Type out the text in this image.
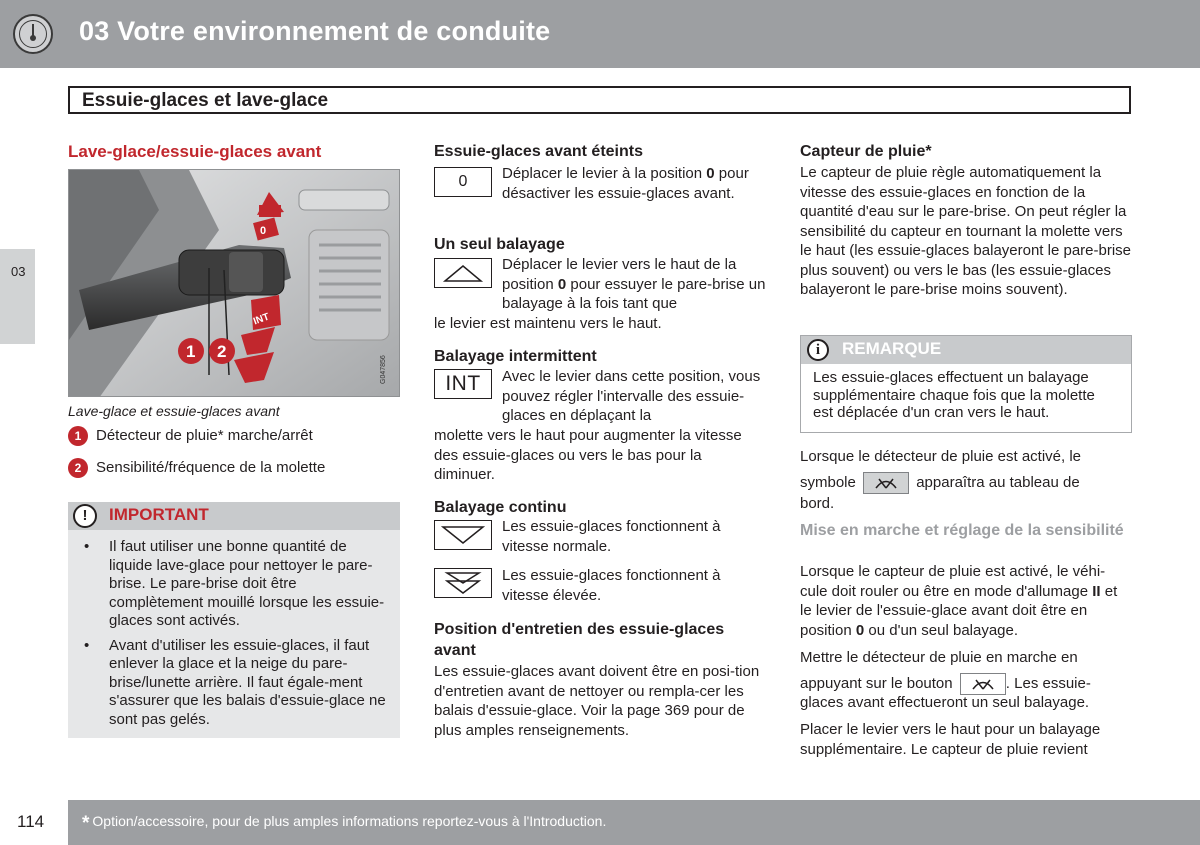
03 Votre environnement de conduite
Essuie-glaces et lave-glace
03
Lave-glace/essuie-glaces avant
0
INT
1 2
G047856
Lave-glace et essuie-glaces avant
1 Détecteur de pluie* marche/arrêt
2 Sensibilité/fréquence de la molette
!	IMPORTANT
• Il faut utiliser une bonne quantité de liquide lave-glace pour nettoyer le pare-brise. Le pare-brise doit être complètement mouillé lorsque les essuie-glaces sont activés.
• Avant d'utiliser les essuie-glaces, il faut enlever la glace et la neige du pare-brise/lunette arrière. Il faut égale-ment s'assurer que les balais d'essuie-glace ne sont pas gelés.
Essuie-glaces avant éteints
0	Déplacer le levier à la position 0 pour désactiver les essuie-glaces avant.
Un seul balayage
Déplacer le levier vers le haut de la position 0 pour essuyer le pare-brise un balayage à la fois tant que
le levier est maintenu vers le haut.
Balayage intermittent
INT	Avec le levier dans cette position, vous pouvez régler l'intervalle des essuie-glaces en déplaçant la
molette vers le haut pour augmenter la vitesse des essuie-glaces ou vers le bas pour la diminuer.
Balayage continu
Les essuie-glaces fonctionnent à vitesse normale.
Les essuie-glaces fonctionnent à vitesse élevée.
Position d'entretien des essuie-glaces avant
Les essuie-glaces avant doivent être en posi-tion d'entretien avant de nettoyer ou rempla-cer les balais d'essuie-glace. Voir la page 369 pour de plus amples renseignements.
Capteur de pluie*
Le capteur de pluie règle automatiquement la vitesse des essuie-glaces en fonction de la quantité d'eau sur le pare-brise. On peut régler la sensibilité du capteur en tournant la molette vers le haut (les essuie-glaces balayeront le pare-brise plus souvent) ou vers le bas (les essuie-glaces balayeront le pare-brise moins souvent).
i	REMARQUE
Les essuie-glaces effectuent un balayage supplémentaire chaque fois que la molette est déplacée d'un cran vers le haut.
Lorsque le détecteur de pluie est activé, le
symbole	apparaîtra au tableau de
bord.
Mise en marche et réglage de la sensibilité
Lorsque le capteur de pluie est activé, le véhi-cule doit rouler ou être en mode d'allumage II et le levier de l'essuie-glace avant doit être en position 0 ou d'un seul balayage.
Mettre le détecteur de pluie en marche en
appuyant sur le bouton	. Les essuie-
glaces avant effectueront un seul balayage.
Placer le levier vers le haut pour un balayage supplémentaire. Le capteur de pluie revient
114 * Option/accessoire, pour de plus amples informations reportez-vous à l'Introduction.
